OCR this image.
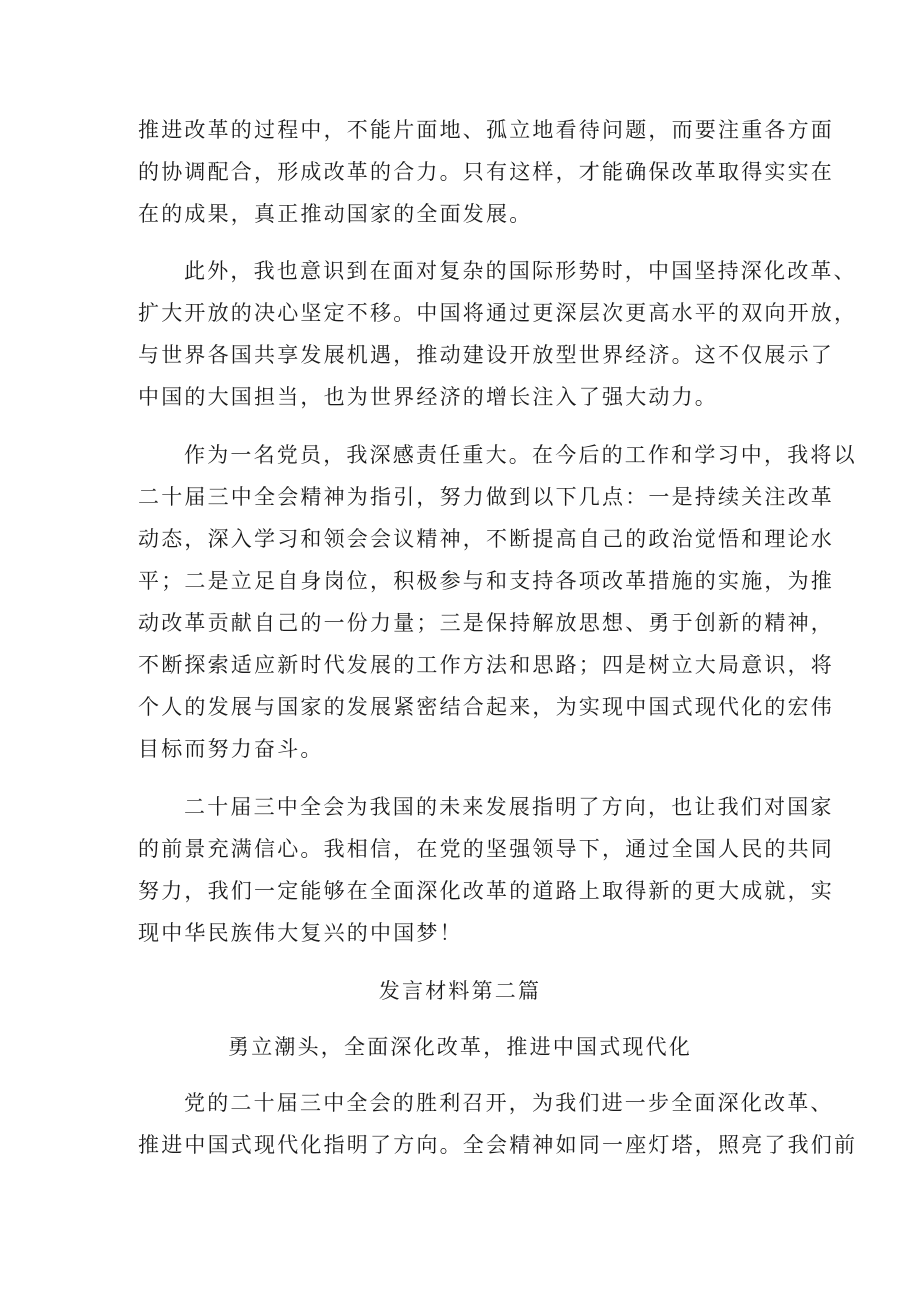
推进改革的过程中，不能片面地、孤立地看待问题，而要注重各方面
的协调配合，形成改革的合力。只有这样，才能确保改革取得实实在
在的成果，真正推动国家的全面发展。
此外，我也意识到在面对复杂的国际形势时，中国坚持深化改革、
扩大开放的决心坚定不移。中国将通过更深层次更高水平的双向开放，
与世界各国共享发展机遇，推动建设开放型世界经济。这不仅展示了
中国的大国担当，也为世界经济的增长注入了强大动力。
作为一名党员，我深感责任重大。在今后的工作和学习中，我将以
二十届三中全会精神为指引，努力做到以下几点：一是持续关注改革
动态，深入学习和领会会议精神，不断提高自己的政治觉悟和理论水
平；二是立足自身岗位，积极参与和支持各项改革措施的实施，为推
动改革贡献自己的一份力量；三是保持解放思想、勇于创新的精神，
不断探索适应新时代发展的工作方法和思路；四是树立大局意识，将
个人的发展与国家的发展紧密结合起来，为实现中国式现代化的宏伟
目标而努力奋斗。
二十届三中全会为我国的未来发展指明了方向，也让我们对国家
的前景充满信心。我相信，在党的坚强领导下，通过全国人民的共同
努力，我们一定能够在全面深化改革的道路上取得新的更大成就，实
现中华民族伟大复兴的中国梦！
发言材料第二篇
勇立潮头，全面深化改革，推进中国式现代化
党的二十届三中全会的胜利召开，为我们进一步全面深化改革、
推进中国式现代化指明了方向。全会精神如同一座灯塔，照亮了我们前
